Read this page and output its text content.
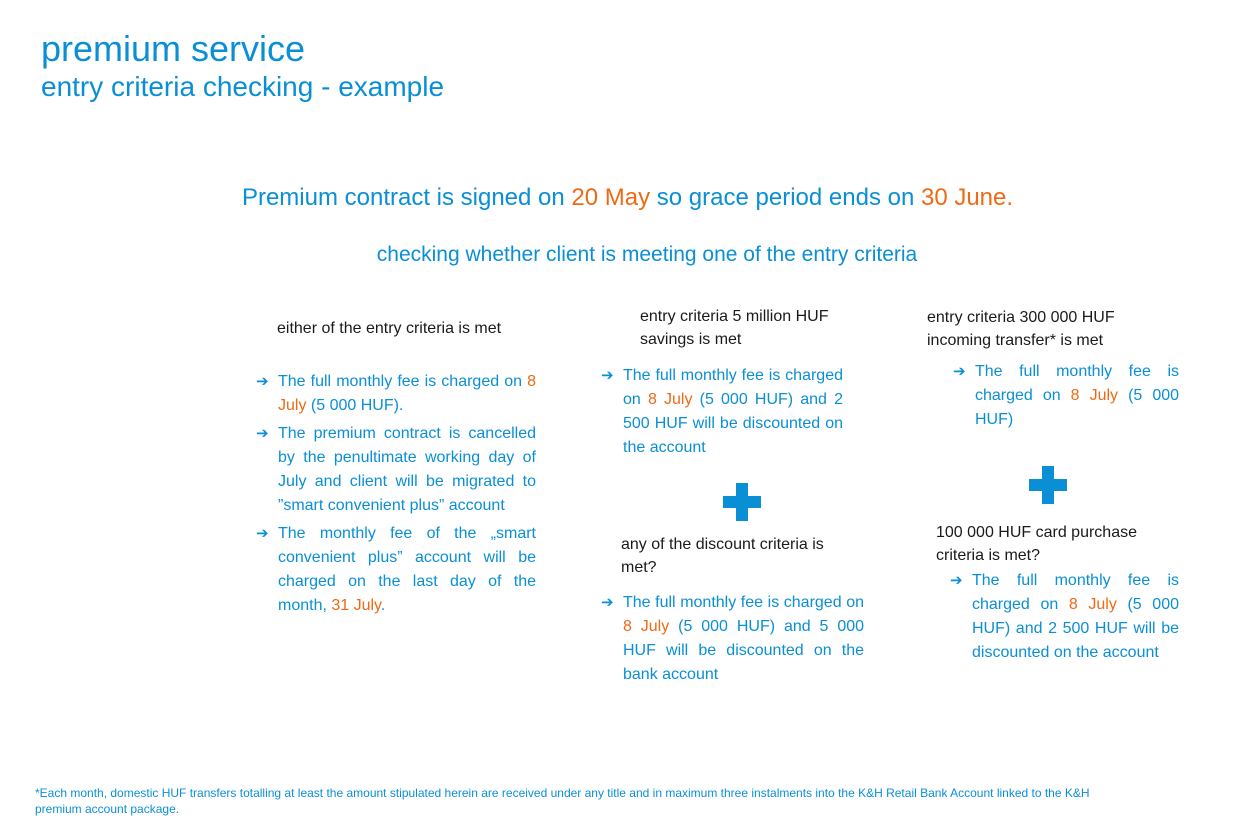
premium service
entry criteria checking - example
Premium contract is signed on 20 May so grace period ends on 30 June.
checking whether client is meeting one of the entry criteria
either of the entry criteria is met
➔ The full monthly fee is charged on 8 July (5 000 HUF).
➔ The premium contract is cancelled by the penultimate working day of July and client will be migrated to ”smart convenient plus” account
➔ The monthly fee of the „smart convenient plus” account will be charged on the last day of the month, 31 July.
entry criteria 5 million HUF savings is met
➔ The full monthly fee is charged on 8 July (5 000 HUF) and 2 500 HUF will be discounted on the account
any of the discount criteria is met?
➔ The full monthly fee is charged on 8 July (5 000 HUF) and 5 000 HUF will be discounted on the bank account
entry criteria 300 000 HUF incoming transfer* is met
➔ The full monthly fee is charged on 8 July (5 000 HUF)
100 000 HUF card purchase criteria is met?
➔ The full monthly fee is charged on 8 July (5 000 HUF) and 2 500 HUF will be discounted on the account
*Each month, domestic HUF transfers totalling at least the amount stipulated herein are received under any title and in maximum three instalments into the K&H Retail Bank Account linked to the K&H premium account package.
